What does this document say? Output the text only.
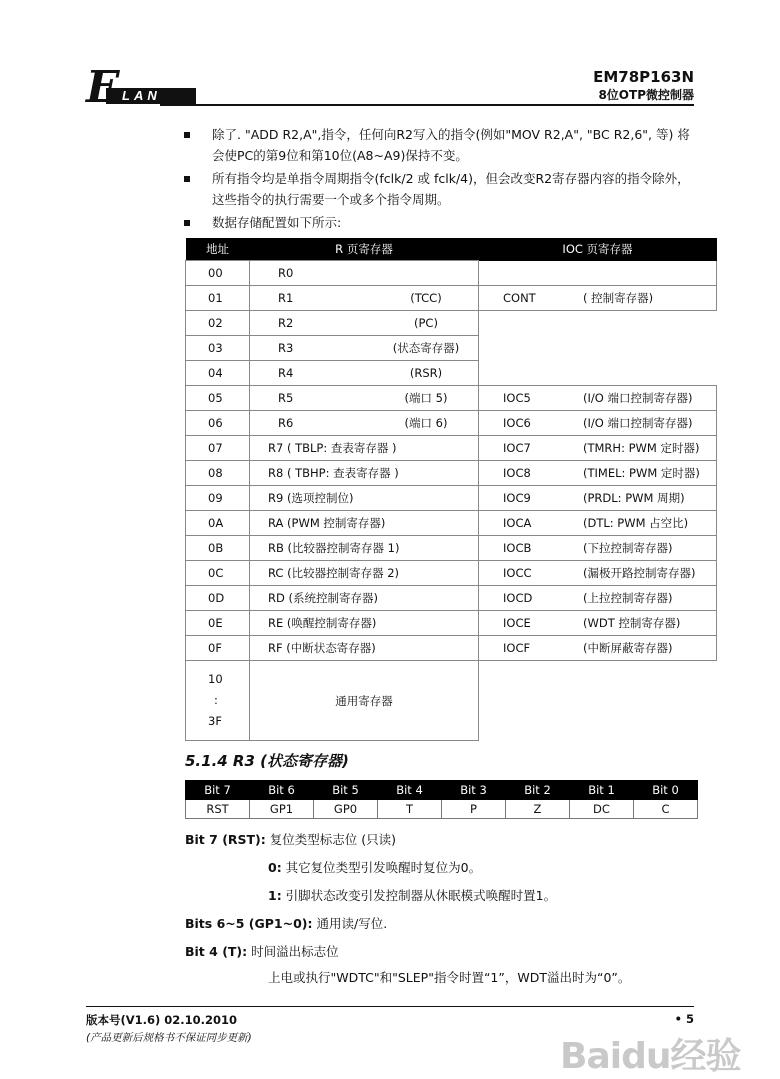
E LAN
EM78P163N
8位OTP微控制器
除了. "ADD R2,A",指令，任何向R2写入的指令(例如"MOV R2,A", "BC R2,6", 等) 将会使PC的第9位和第10位(A8~A9)保持不变。
所有指令均是单指令周期指令(fclk/2 或 fclk/4)，但会改变R2寄存器内容的指令除外，这些指令的执行需要一个或多个指令周期。
数据存储配置如下所示:
地址	R 页寄存器	IOC 页寄存器
00	R0	

01	R1 (TCC)	CONT ( 控制寄存器)

02	R2 (PC)	

03	R3 (状态寄存器)	

04	R4 (RSR)	

05	R5 (端口 5)	IOC5 (I/O 端口控制寄存器)

06	R6 (端口 6)	IOC6 (I/O 端口控制寄存器)

07	R7 ( TBLP: 查表寄存器 )	IOC7 (TMRH: PWM 定时器)

08	R8 ( TBHP: 查表寄存器 )	IOC8 (TIMEL: PWM 定时器)

09	R9 (选项控制位)	IOC9 (PRDL: PWM 周期)

0A	RA (PWM 控制寄存器)	IOCA (DTL: PWM 占空比)

0B	RB (比较器控制寄存器 1)	IOCB (下拉控制寄存器)

0C	RC (比较器控制寄存器 2)	IOCC (漏极开路控制寄存器)

0D	RD (系统控制寄存器)	IOCD (上拉控制寄存器)

0E	RE (唤醒控制寄存器)	IOCE (WDT 控制寄存器)

0F	RF (中断状态寄存器)	IOCF (中断屏蔽寄存器)

10
:
3F	通用寄存器	
5.1.4 R3 (状态寄存器)
Bit 7	Bit 6	Bit 5	Bit 4	Bit 3	Bit 2	Bit 1	Bit 0
RST	GP1	GP0	T	P	Z	DC	C
Bit 7 (RST): 复位类型标志位 (只读)
0: 其它复位类型引发唤醒时复位为0。
1: 引脚状态改变引发控制器从休眠模式唤醒时置1。
Bits 6~5 (GP1~0): 通用读/写位.
Bit 4 (T): 时间溢出标志位
上电或执行"WDTC"和"SLEP"指令时置“1”，WDT溢出时为“0”。
版本号(V1.6) 02.10.2010	• 5
(产品更新后规格书不保证同步更新)	Baidu经验
